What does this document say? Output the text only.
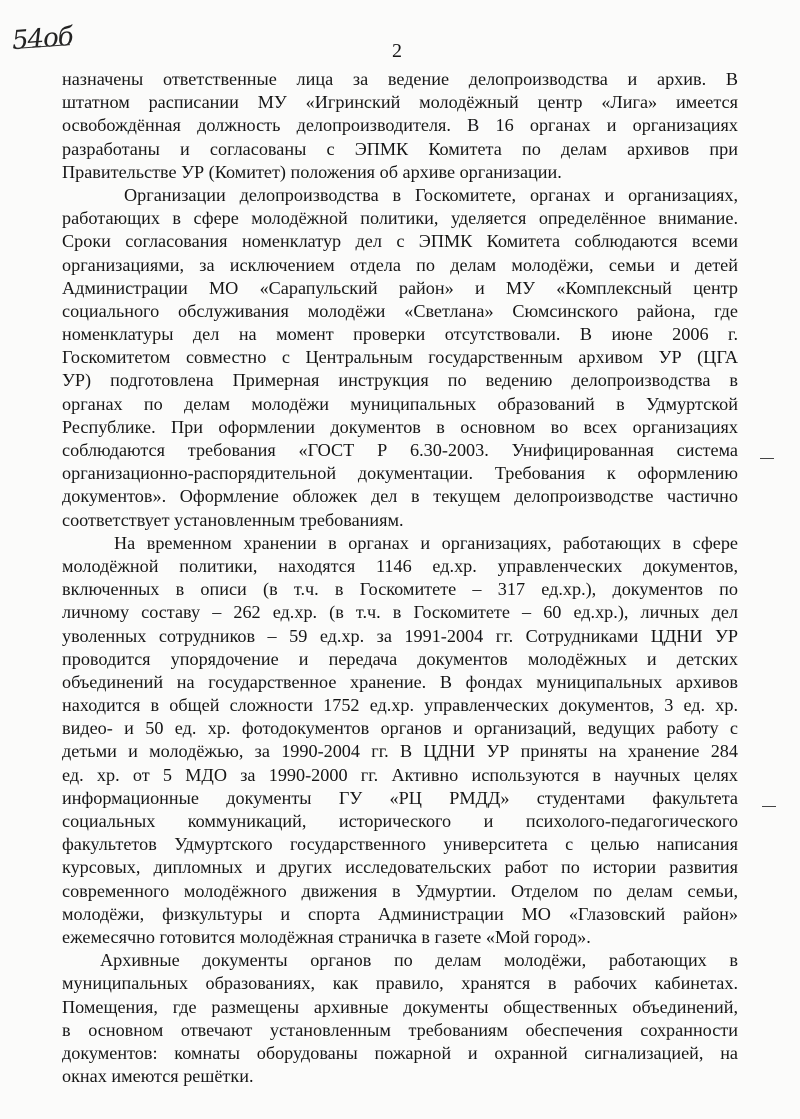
54об	2
назначены ответственные лица за ведение делопроизводства и архив. В
штатном расписании МУ «Игринский молодёжный центр «Лига» имеется
освобождённая должность делопроизводителя. В 16 органах и организациях
разработаны и согласованы с ЭПМК Комитета по делам архивов при
Правительстве УР (Комитет) положения об архиве организации.
Организации делопроизводства в Госкомитете, органах и организациях,
работающих в сфере молодёжной политики, уделяется определённое внимание.
Сроки согласования номенклатур дел с ЭПМК Комитета соблюдаются всеми
организациями, за исключением отдела по делам молодёжи, семьи и детей
Администрации МО «Сарапульский район» и МУ «Комплексный центр
социального обслуживания молодёжи «Светлана» Сюмсинского района, где
номенклатуры дел на момент проверки отсутствовали. В июне 2006 г.
Госкомитетом совместно с Центральным государственным архивом УР (ЦГА
УР) подготовлена Примерная инструкция по ведению делопроизводства в
органах по делам молодёжи муниципальных образований в Удмуртской
Республике. При оформлении документов в основном во всех организациях
соблюдаются требования «ГОСТ Р 6.30-2003. Унифицированная система
организационно-распорядительной документации. Требования к оформлению
документов». Оформление обложек дел в текущем делопроизводстве частично
соответствует установленным требованиям.
На временном хранении в органах и организациях, работающих в сфере
молодёжной политики, находятся 1146 ед.хр. управленческих документов,
включенных в описи (в т.ч. в Госкомитете – 317 ед.хр.), документов по
личному составу – 262 ед.хр. (в т.ч. в Госкомитете – 60 ед.хр.), личных дел
уволенных сотрудников – 59 ед.хр. за 1991-2004 гг. Сотрудниками ЦДНИ УР
проводится упорядочение и передача документов молодёжных и детских
объединений на государственное хранение. В фондах муниципальных архивов
находится в общей сложности 1752 ед.хр. управленческих документов, 3 ед. хр.
видео- и 50 ед. хр. фотодокументов органов и организаций, ведущих работу с
детьми и молодёжью, за 1990-2004 гг. В ЦДНИ УР приняты на хранение 284
ед. хр. от 5 МДО за 1990-2000 гг. Активно используются в научных целях
информационные документы ГУ «РЦ РМДД» студентами факультета
социальных коммуникаций, исторического и психолого-педагогического
факультетов Удмуртского государственного университета с целью написания
курсовых, дипломных и других исследовательских работ по истории развития
современного молодёжного движения в Удмуртии. Отделом по делам семьи,
молодёжи, физкультуры и спорта Администрации МО «Глазовский район»
ежемесячно готовится молодёжная страничка в газете «Мой город».
Архивные документы органов по делам молодёжи, работающих в
муниципальных образованиях, как правило, хранятся в рабочих кабинетах.
Помещения, где размещены архивные документы общественных объединений,
в основном отвечают установленным требованиям обеспечения сохранности
документов: комнаты оборудованы пожарной и охранной сигнализацией, на
окнах имеются решётки.
